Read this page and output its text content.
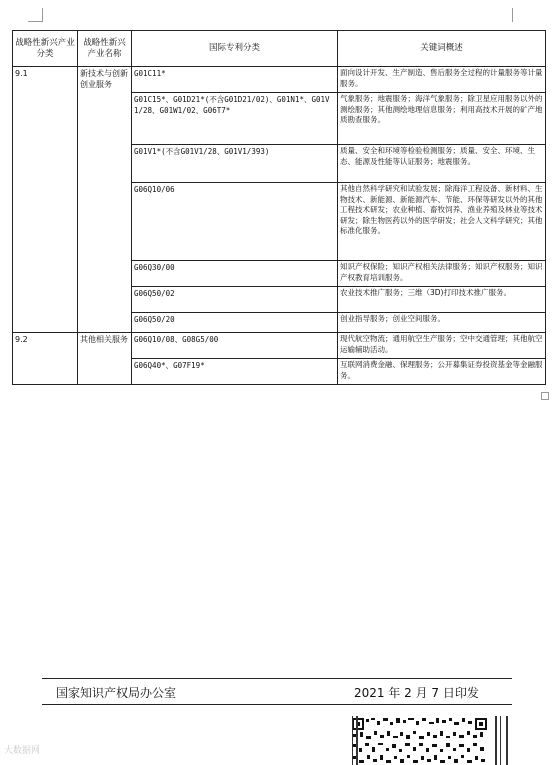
战略性新兴产业分类	战略性新兴产业名称	国际专利分类	关键词概述
9.1	新技术与创新创业服务	G01C11*	面向设计开发、生产制造、售后服务全过程的计量服务等计量服务。
		G01C15*、G01D21*(不含G01D21/02)、G01N1*、G01V1/28、G01W1/02、G06T7*	气象服务；地震服务；海洋气象服务；除卫星应用服务以外的测绘服务；其他测绘地理信息服务；利用高技术开展的矿产地质勘查服务。
		G01V1*(不含G01V1/28、G01V1/393)	质量、安全和环境等检验检测服务；质量、安全、环境、生态、能源及性能等认证服务；地震服务。
		G06Q10/06	其他自然科学研究和试验发展；除海洋工程设备、新材料、生物技术、新能源、新能源汽车、节能、环保等研发以外的其他工程技术研发；农业种植、畜牧饲养、渔业养殖及林业等技术研发；除生物医药以外的医学研发；社会人文科学研究；其他标准化服务。
		G06Q30/00	知识产权保险；知识产权相关法律服务；知识产权服务；知识产权教育培训服务。
		G06Q50/02	农业技术推广服务；三维（3D)打印技术推广服务。
		G06Q50/20	创业指导服务；创业空间服务。
9.2	其他相关服务	G06Q10/08、G08G5/00	现代航空物流；通用航空生产服务；空中交通管理；其他航空运输辅助活动。
		G06Q40*、G07F19*	互联网消费金融、保理服务；公开募集证券投资基金等金融服务。
国家知识产权局办公室	2021 年 2 月 7 日印发
大数据网
